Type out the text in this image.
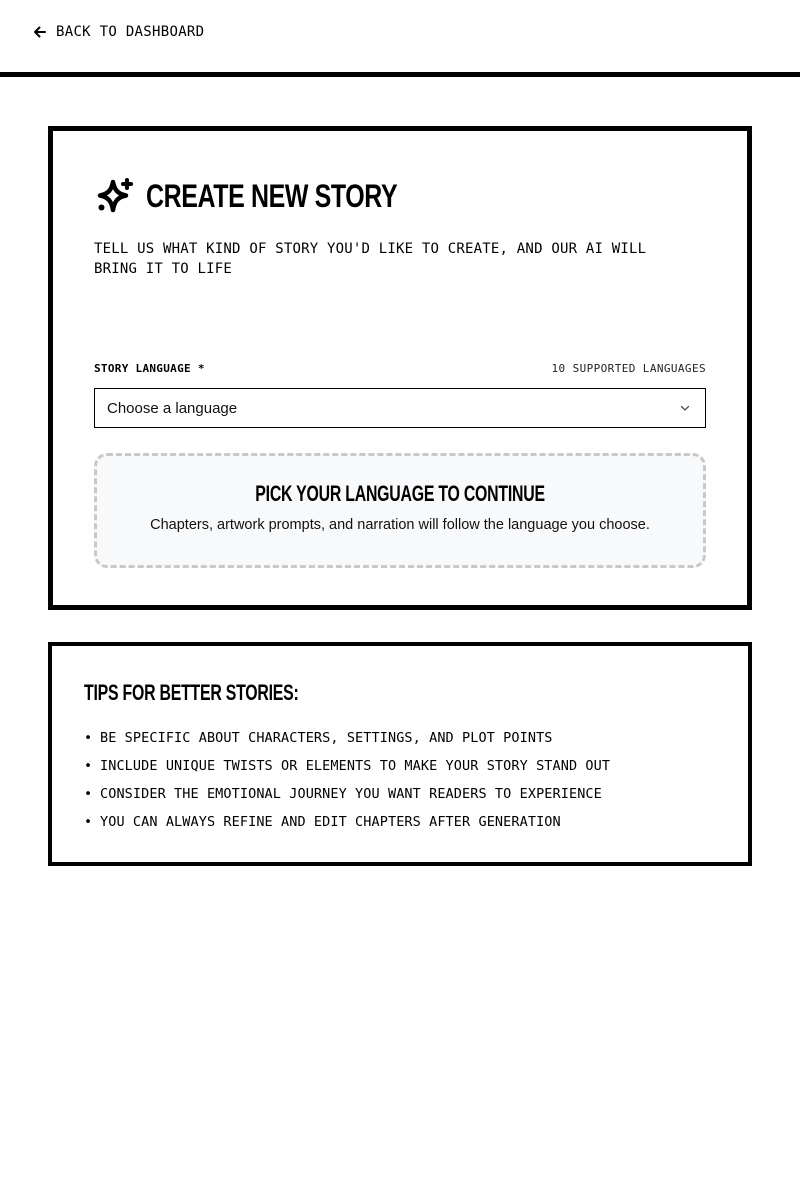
BACK TO DASHBOARD
CREATE NEW STORY

TELL US WHAT KIND OF STORY YOU'D LIKE TO CREATE, AND OUR AI WILL BRING IT TO LIFE

STORY LANGUAGE *	10 SUPPORTED LANGUAGES
Choose a language
PICK YOUR LANGUAGE TO CONTINUE

Chapters, artwork prompts, and narration will follow the language you choose.

TIPS FOR BETTER STORIES:
• BE SPECIFIC ABOUT CHARACTERS, SETTINGS, AND PLOT POINTS
• INCLUDE UNIQUE TWISTS OR ELEMENTS TO MAKE YOUR STORY STAND OUT
• CONSIDER THE EMOTIONAL JOURNEY YOU WANT READERS TO EXPERIENCE
• YOU CAN ALWAYS REFINE AND EDIT CHAPTERS AFTER GENERATION
